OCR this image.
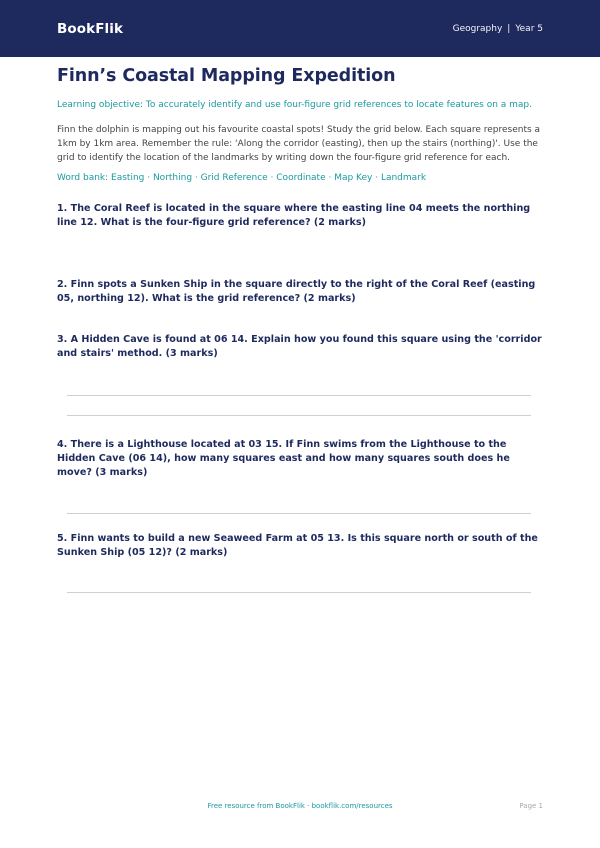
BookFlik	Geography | Year 5
Finn’s Coastal Mapping Expedition
Learning objective: To accurately identify and use four-figure grid references to locate features on a map.
Finn the dolphin is mapping out his favourite coastal spots! Study the grid below. Each square represents a 1km by 1km area. Remember the rule: 'Along the corridor (easting), then up the stairs (northing)'. Use the grid to identify the location of the landmarks by writing down the four-figure grid reference for each.
Word bank: Easting · Northing · Grid Reference · Coordinate · Map Key · Landmark
1. The Coral Reef is located in the square where the easting line 04 meets the northing line 12. What is the four-figure grid reference? (2 marks)
2. Finn spots a Sunken Ship in the square directly to the right of the Coral Reef (easting 05, northing 12). What is the grid reference? (2 marks)
3. A Hidden Cave is found at 06 14. Explain how you found this square using the 'corridor and stairs' method. (3 marks)
4. There is a Lighthouse located at 03 15. If Finn swims from the Lighthouse to the Hidden Cave (06 14), how many squares east and how many squares south does he move? (3 marks)
5. Finn wants to build a new Seaweed Farm at 05 13. Is this square north or south of the Sunken Ship (05 12)? (2 marks)
Free resource from BookFlik · bookflik.com/resources	Page 1
